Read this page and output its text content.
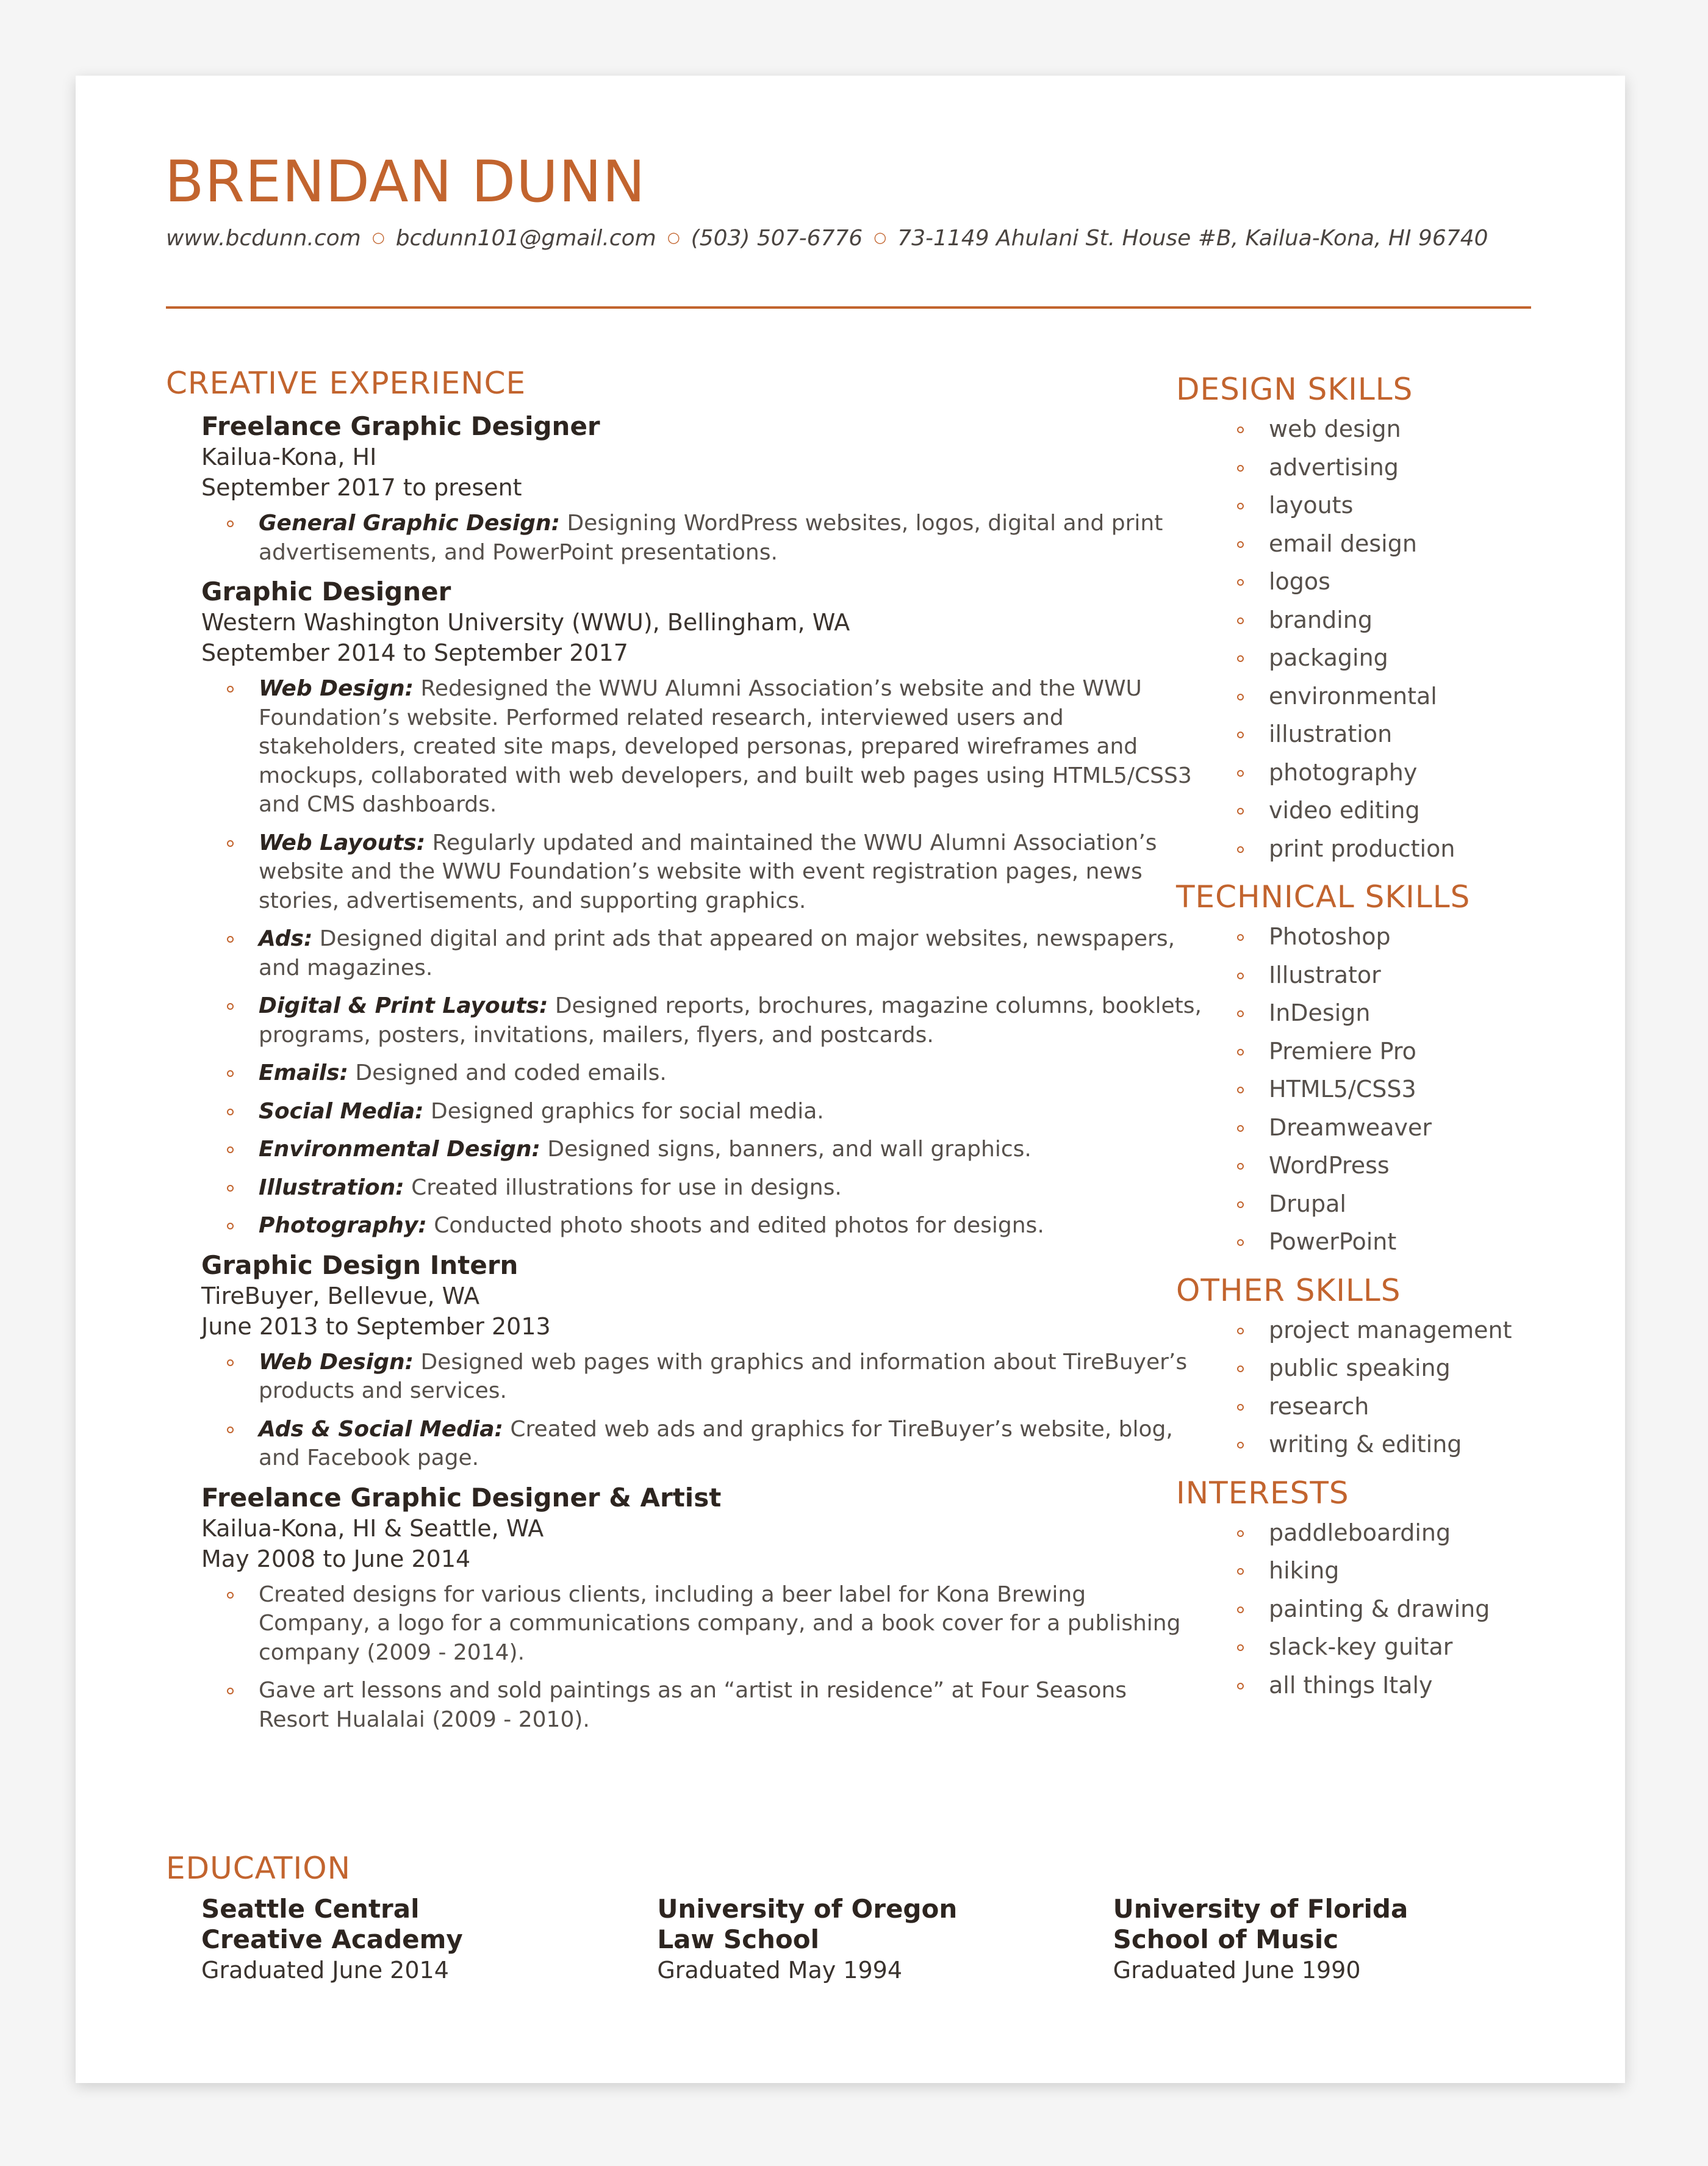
BRENDAN DUNN
www.bcdunn.com ○ bcdunn101@gmail.com ○ (503) 507-6776 ○ 73-1149 Ahulani St. House #B, Kailua-Kona, HI 96740
CREATIVE EXPERIENCE
Freelance Graphic Designer
Kailua-Kona, HI
September 2017 to present
General Graphic Design: Designing WordPress websites, logos, digital and print advertisements, and PowerPoint presentations.
Graphic Designer
Western Washington University (WWU), Bellingham, WA
September 2014 to September 2017
Web Design: Redesigned the WWU Alumni Association’s website and the WWU Foundation’s website. Performed related research, interviewed users and stakeholders, created site maps, developed personas, prepared wireframes and mockups, collaborated with web developers, and built web pages using HTML5/CSS3 and CMS dashboards.
Web Layouts: Regularly updated and maintained the WWU Alumni Association’s website and the WWU Foundation’s website with event registration pages, news stories, advertisements, and supporting graphics.
Ads: Designed digital and print ads that appeared on major websites, newspapers, and magazines.
Digital & Print Layouts: Designed reports, brochures, magazine columns, booklets, programs, posters, invitations, mailers, flyers, and postcards.
Emails: Designed and coded emails.
Social Media: Designed graphics for social media.
Environmental Design: Designed signs, banners, and wall graphics.
Illustration: Created illustrations for use in designs.
Photography: Conducted photo shoots and edited photos for designs.
Graphic Design Intern
TireBuyer, Bellevue, WA
June 2013 to September 2013
Web Design: Designed web pages with graphics and information about TireBuyer’s products and services.
Ads & Social Media: Created web ads and graphics for TireBuyer’s website, blog, and Facebook page.
Freelance Graphic Designer & Artist
Kailua-Kona, HI & Seattle, WA
May 2008 to June 2014
Created designs for various clients, including a beer label for Kona Brewing Company, a logo for a communications company, and a book cover for a publishing company (2009 - 2014).
Gave art lessons and sold paintings as an “artist in residence” at Four Seasons Resort Hualalai (2009 - 2010).
DESIGN SKILLS
web design
advertising
layouts
email design
logos
branding
packaging
environmental
illustration
photography
video editing
print production
TECHNICAL SKILLS
Photoshop
Illustrator
InDesign
Premiere Pro
HTML5/CSS3
Dreamweaver
WordPress
Drupal
PowerPoint
OTHER SKILLS
project management
public speaking
research
writing & editing
INTERESTS
paddleboarding
hiking
painting & drawing
slack-key guitar
all things Italy
EDUCATION
Seattle Central
Creative Academy
Graduated June 2014
University of Oregon
Law School
Graduated May 1994
University of Florida
School of Music
Graduated June 1990
